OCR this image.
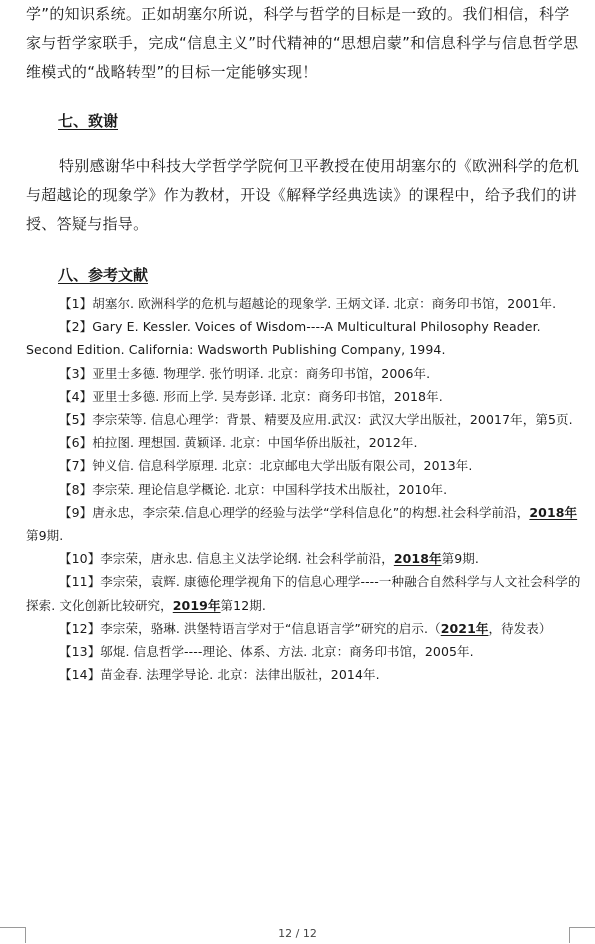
学”的知识系统。正如胡塞尔所说，科学与哲学的目标是一致的。我们相信，科学家与哲学家联手，完成“信息主义”时代精神的“思想启蒙”和信息科学与信息哲学思维模式的“战略转型”的目标一定能够实现！

七、致谢

特别感谢华中科技大学哲学学院何卫平教授在使用胡塞尔的《欧洲科学的危机与超越论的现象学》作为教材，开设《解释学经典选读》的课程中，给予我们的讲授、答疑与指导。

八、参考文献

【1】胡塞尔. 欧洲科学的危机与超越论的现象学. 王炳文译. 北京：商务印书馆，2001年.

【2】Gary E. Kessler. Voices of Wisdom----A Multicultural Philosophy Reader. Second Edition. California: Wadsworth Publishing Company, 1994.

【3】亚里士多德. 物理学. 张竹明译. 北京：商务印书馆，2006年.

【4】亚里士多德. 形而上学. 吴寿彭译. 北京：商务印书馆，2018年.

【5】李宗荣等. 信息心理学：背景、精要及应用.武汉：武汉大学出版社，20017年，第5页.

【6】柏拉图. 理想国. 黄颖译. 北京：中国华侨出版社，2012年.

【7】钟义信. 信息科学原理. 北京：北京邮电大学出版有限公司，2013年.

【8】李宗荣. 理论信息学概论. 北京：中国科学技术出版社，2010年.

【9】唐永忠，李宗荣.信息心理学的经验与法学“学科信息化”的构想.社会科学前沿，2018年第9期.

【10】李宗荣，唐永忠. 信息主义法学论纲. 社会科学前沿，2018年第9期.

【11】李宗荣，袁辉. 康德伦理学视角下的信息心理学----一种融合自然科学与人文社会科学的探索. 文化创新比较研究，2019年第12期.

【12】李宗荣，骆琳. 洪堡特语言学对于“信息语言学”研究的启示.（2021年，待发表）

【13】邬焜. 信息哲学----理论、体系、方法. 北京：商务印书馆，2005年.

【14】苗金春. 法理学导论. 北京：法律出版社，2014年.

12 / 12
